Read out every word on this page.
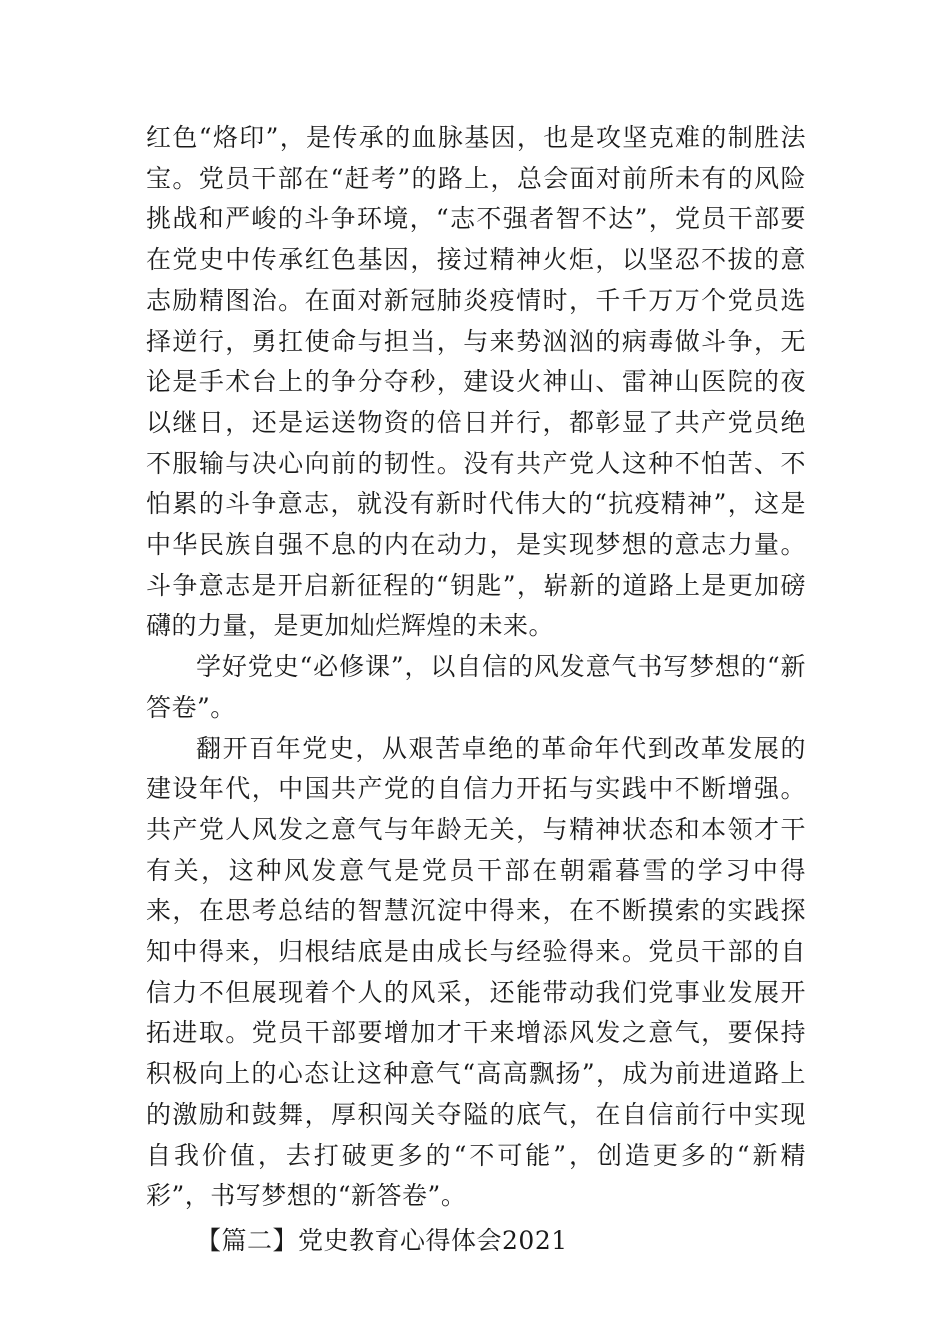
红色“烙印”，是传承的血脉基因，也是攻坚克难的制胜法宝。党员干部在“赶考”的路上，总会面对前所未有的风险挑战和严峻的斗争环境，“志不强者智不达”，党员干部要在党史中传承红色基因，接过精神火炬，以坚忍不拔的意志励精图治。在面对新冠肺炎疫情时，千千万万个党员选择逆行，勇扛使命与担当，与来势汹汹的病毒做斗争，无论是手术台上的争分夺秒，建设火神山、雷神山医院的夜以继日，还是运送物资的倍日并行，都彰显了共产党员绝不服输与决心向前的韧性。没有共产党人这种不怕苦、不怕累的斗争意志，就没有新时代伟大的“抗疫精神”，这是中华民族自强不息的内在动力，是实现梦想的意志力量。斗争意志是开启新征程的“钥匙”，崭新的道路上是更加磅礴的力量，是更加灿烂辉煌的未来。

学好党史“必修课”，以自信的风发意气书写梦想的“新答卷”。

翻开百年党史，从艰苦卓绝的革命年代到改革发展的建设年代，中国共产党的自信力开拓与实践中不断增强。共产党人风发之意气与年龄无关，与精神状态和本领才干有关，这种风发意气是党员干部在朝霜暮雪的学习中得来，在思考总结的智慧沉淀中得来，在不断摸索的实践探知中得来，归根结底是由成长与经验得来。党员干部的自信力不但展现着个人的风采，还能带动我们党事业发展开拓进取。党员干部要增加才干来增添风发之意气，要保持积极向上的心态让这种意气“高高飘扬”，成为前进道路上的激励和鼓舞，厚积闯关夺隘的底气，在自信前行中实现自我价值，去打破更多的“不可能”，创造更多的“新精彩”，书写梦想的“新答卷”。

【篇二】党史教育心得体会2021
